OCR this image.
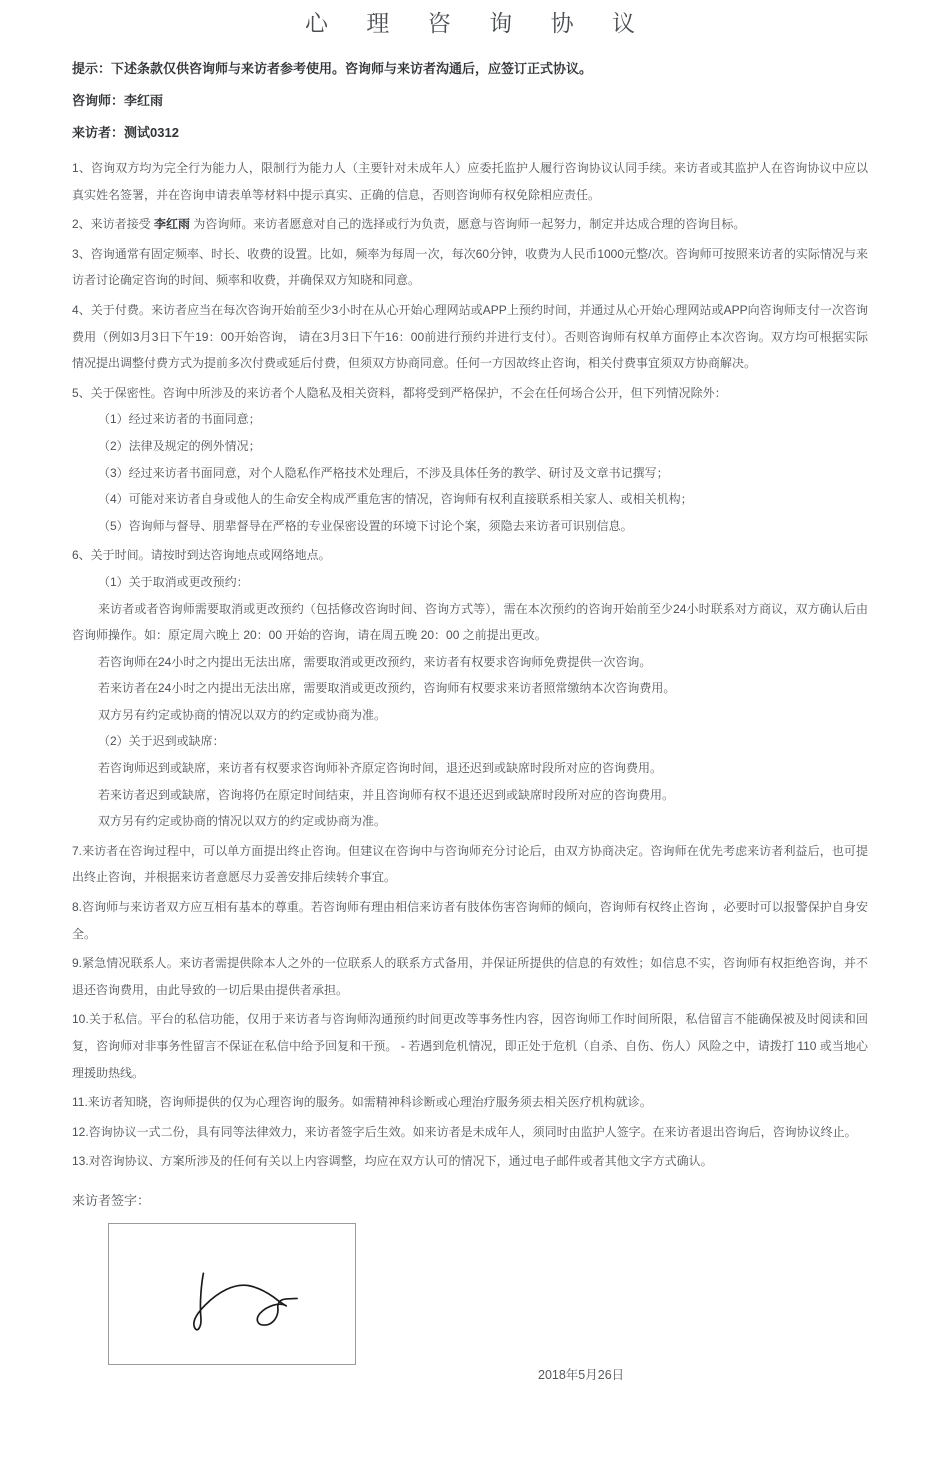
心 理 咨 询 协 议

提示：下述条款仅供咨询师与来访者参考使用。咨询师与来访者沟通后，应签订正式协议。

咨询师：李红雨

来访者：测试0312

1、咨询双方均为完全行为能力人，限制行为能力人（主要针对未成年人）应委托监护人履行咨询协议认同手续。来访者或其监护人在咨询协议中应以真实姓名签署，并在咨询申请表单等材料中提示真实、正确的信息，否则咨询师有权免除相应责任。

2、来访者接受 李红雨 为咨询师。来访者愿意对自己的选择或行为负责，愿意与咨询师一起努力，制定并达成合理的咨询目标。

3、咨询通常有固定频率、时长、收费的设置。比如，频率为每周一次，每次60分钟，收费为人民币1000元整/次。咨询师可按照来访者的实际情况与来访者讨论确定咨询的时间、频率和收费，并确保双方知晓和同意。

4、关于付费。来访者应当在每次咨询开始前至少3小时在从心开始心理网站或APP上预约时间，并通过从心开始心理网站或APP向咨询师支付一次咨询费用（例如3月3日下午19：00开始咨询， 请在3月3日下午16：00前进行预约并进行支付）。否则咨询师有权单方面停止本次咨询。双方均可根据实际情况提出调整付费方式为提前多次付费或延后付费，但须双方协商同意。任何一方因故终止咨询，相关付费事宜须双方协商解决。

5、关于保密性。咨询中所涉及的来访者个人隐私及相关资料，都将受到严格保护，不会在任何场合公开，但下列情况除外：

（1）经过来访者的书面同意；

（2）法律及规定的例外情况；

（3）经过来访者书面同意，对个人隐私作严格技术处理后，不涉及具体任务的教学、研讨及文章书记撰写；

（4）可能对来访者自身或他人的生命安全构成严重危害的情况，咨询师有权利直接联系相关家人、或相关机构；

（5）咨询师与督导、朋辈督导在严格的专业保密设置的环境下讨论个案，须隐去来访者可识别信息。

6、关于时间。请按时到达咨询地点或网络地点。

（1）关于取消或更改预约：

来访者或者咨询师需要取消或更改预约（包括修改咨询时间、咨询方式等），需在本次预约的咨询开始前至少24小时联系对方商议，双方确认后由咨询师操作。如：原定周六晚上 20：00 开始的咨询，请在周五晚 20：00 之前提出更改。

若咨询师在24小时之内提出无法出席，需要取消或更改预约，来访者有权要求咨询师免费提供一次咨询。

若来访者在24小时之内提出无法出席，需要取消或更改预约，咨询师有权要求来访者照常缴纳本次咨询费用。

双方另有约定或协商的情况以双方的约定或协商为准。

（2）关于迟到或缺席：

若咨询师迟到或缺席，来访者有权要求咨询师补齐原定咨询时间，退还迟到或缺席时段所对应的咨询费用。

若来访者迟到或缺席，咨询将仍在原定时间结束，并且咨询师有权不退还迟到或缺席时段所对应的咨询费用。

双方另有约定或协商的情况以双方的约定或协商为准。

7.来访者在咨询过程中，可以单方面提出终止咨询。但建议在咨询中与咨询师充分讨论后，由双方协商决定。咨询师在优先考虑来访者利益后，也可提出终止咨询，并根据来访者意愿尽力妥善安排后续转介事宜。

8.咨询师与来访者双方应互相有基本的尊重。若咨询师有理由相信来访者有肢体伤害咨询师的倾向，咨询师有权终止咨询 ，必要时可以报警保护自身安全。

9.紧急情况联系人。来访者需提供除本人之外的一位联系人的联系方式备用，并保证所提供的信息的有效性；如信息不实，咨询师有权拒绝咨询，并不退还咨询费用，由此导致的一切后果由提供者承担。

10.关于私信。平台的私信功能，仅用于来访者与咨询师沟通预约时间更改等事务性内容，因咨询师工作时间所限，私信留言不能确保被及时阅读和回复，咨询师对非事务性留言不保证在私信中给予回复和干预。 - 若遇到危机情况，即正处于危机（自杀、自伤、伤人）风险之中，请拨打 110 或当地心理援助热线。

11.来访者知晓，咨询师提供的仅为心理咨询的服务。如需精神科诊断或心理治疗服务须去相关医疗机构就诊。

12.咨询协议一式二份，具有同等法律效力，来访者签字后生效。如来访者是未成年人，须同时由监护人签字。在来访者退出咨询后，咨询协议终止。

13.对咨询协议、方案所涉及的任何有关以上内容调整，均应在双方认可的情况下，通过电子邮件或者其他文字方式确认。

来访者签字：

2018年5月26日
